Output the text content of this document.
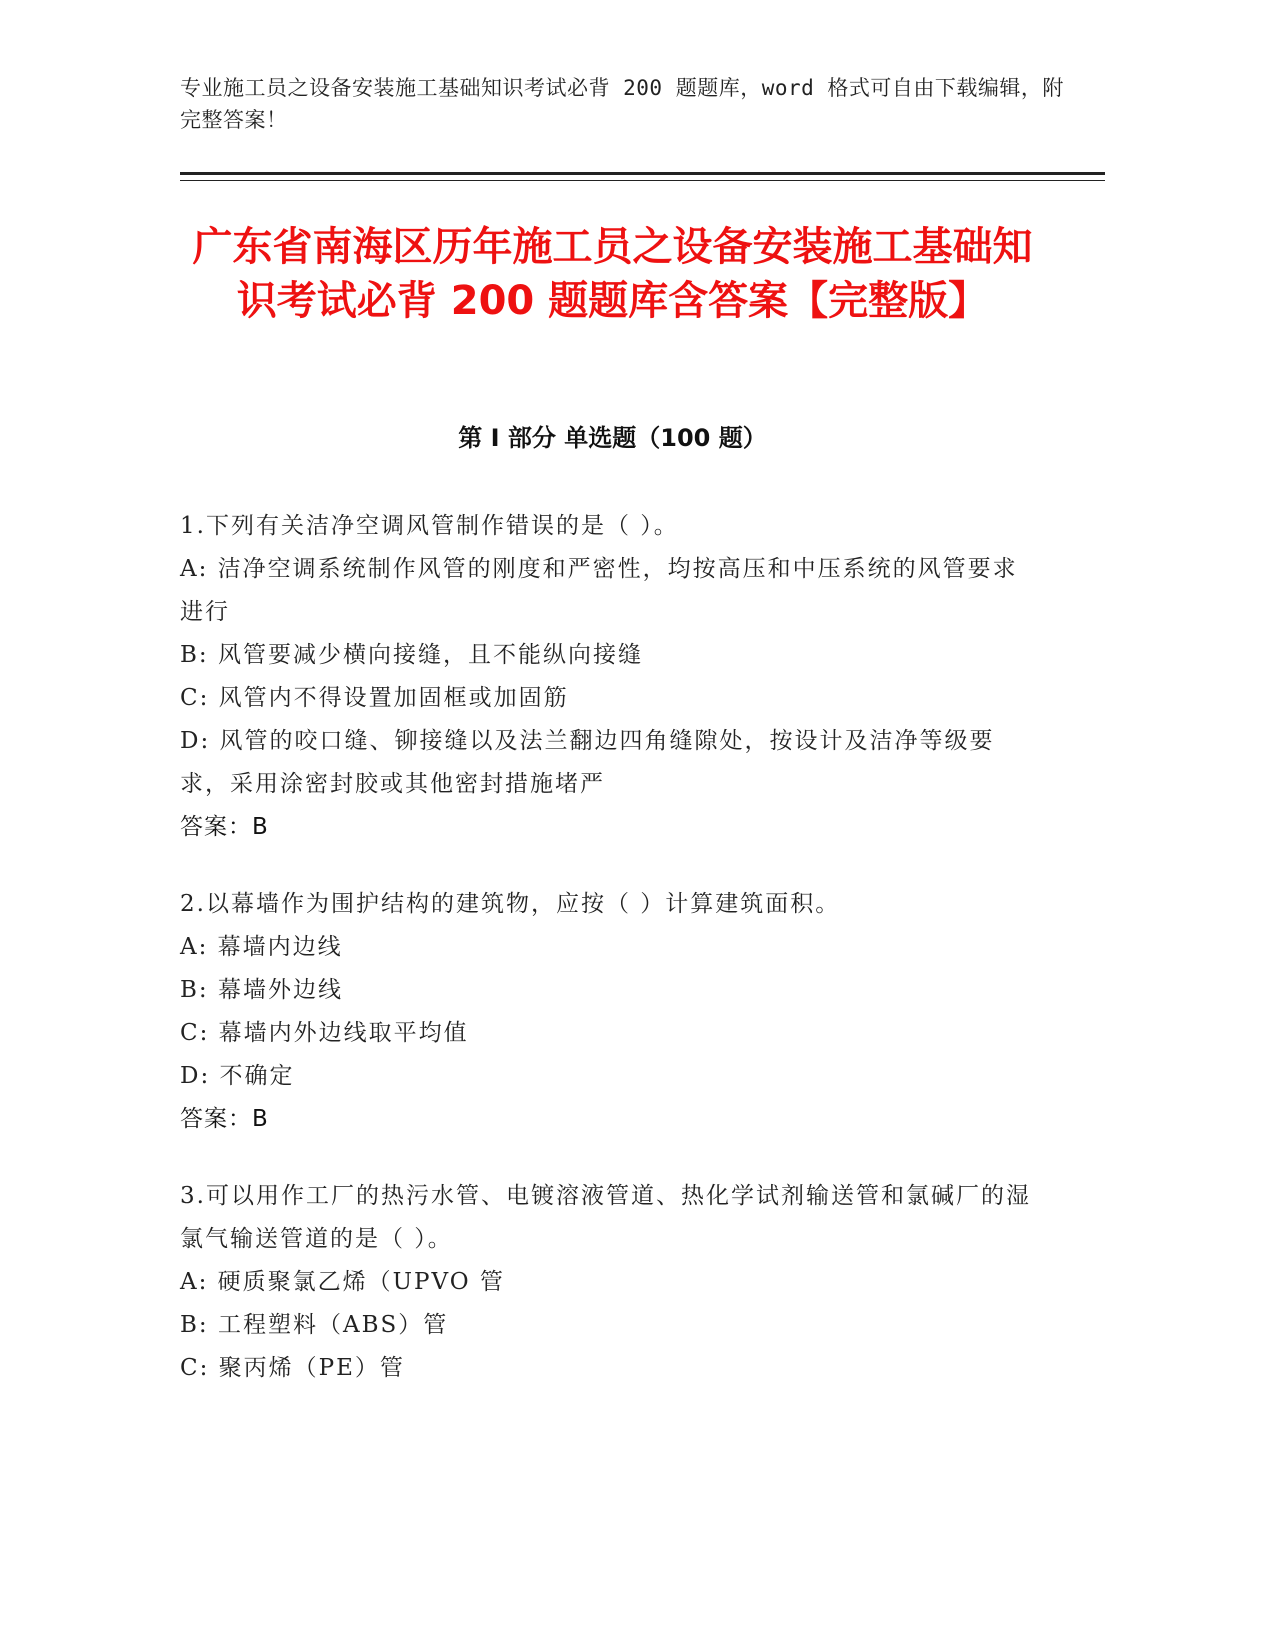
专业施工员之设备安装施工基础知识考试必背 200 题题库，word 格式可自由下载编辑，附完整答案！
广东省南海区历年施工员之设备安装施工基础知识考试必背 200 题题库含答案【完整版】
第 I 部分 单选题（100 题）
1.下列有关洁净空调风管制作错误的是（ ）。
A: 洁净空调系统制作风管的刚度和严密性，均按高压和中压系统的风管要求进行
B: 风管要减少横向接缝，且不能纵向接缝
C: 风管内不得设置加固框或加固筋
D: 风管的咬口缝、铆接缝以及法兰翻边四角缝隙处，按设计及洁净等级要求，采用涂密封胶或其他密封措施堵严
答案：B
2.以幕墙作为围护结构的建筑物，应按（ ）计算建筑面积。
A: 幕墙内边线
B: 幕墙外边线
C: 幕墙内外边线取平均值
D: 不确定
答案：B
3.可以用作工厂的热污水管、电镀溶液管道、热化学试剂输送管和氯碱厂的湿氯气输送管道的是（ ）。
A: 硬质聚氯乙烯（UPVO 管
B: 工程塑料（ABS）管
C: 聚丙烯（PE）管
